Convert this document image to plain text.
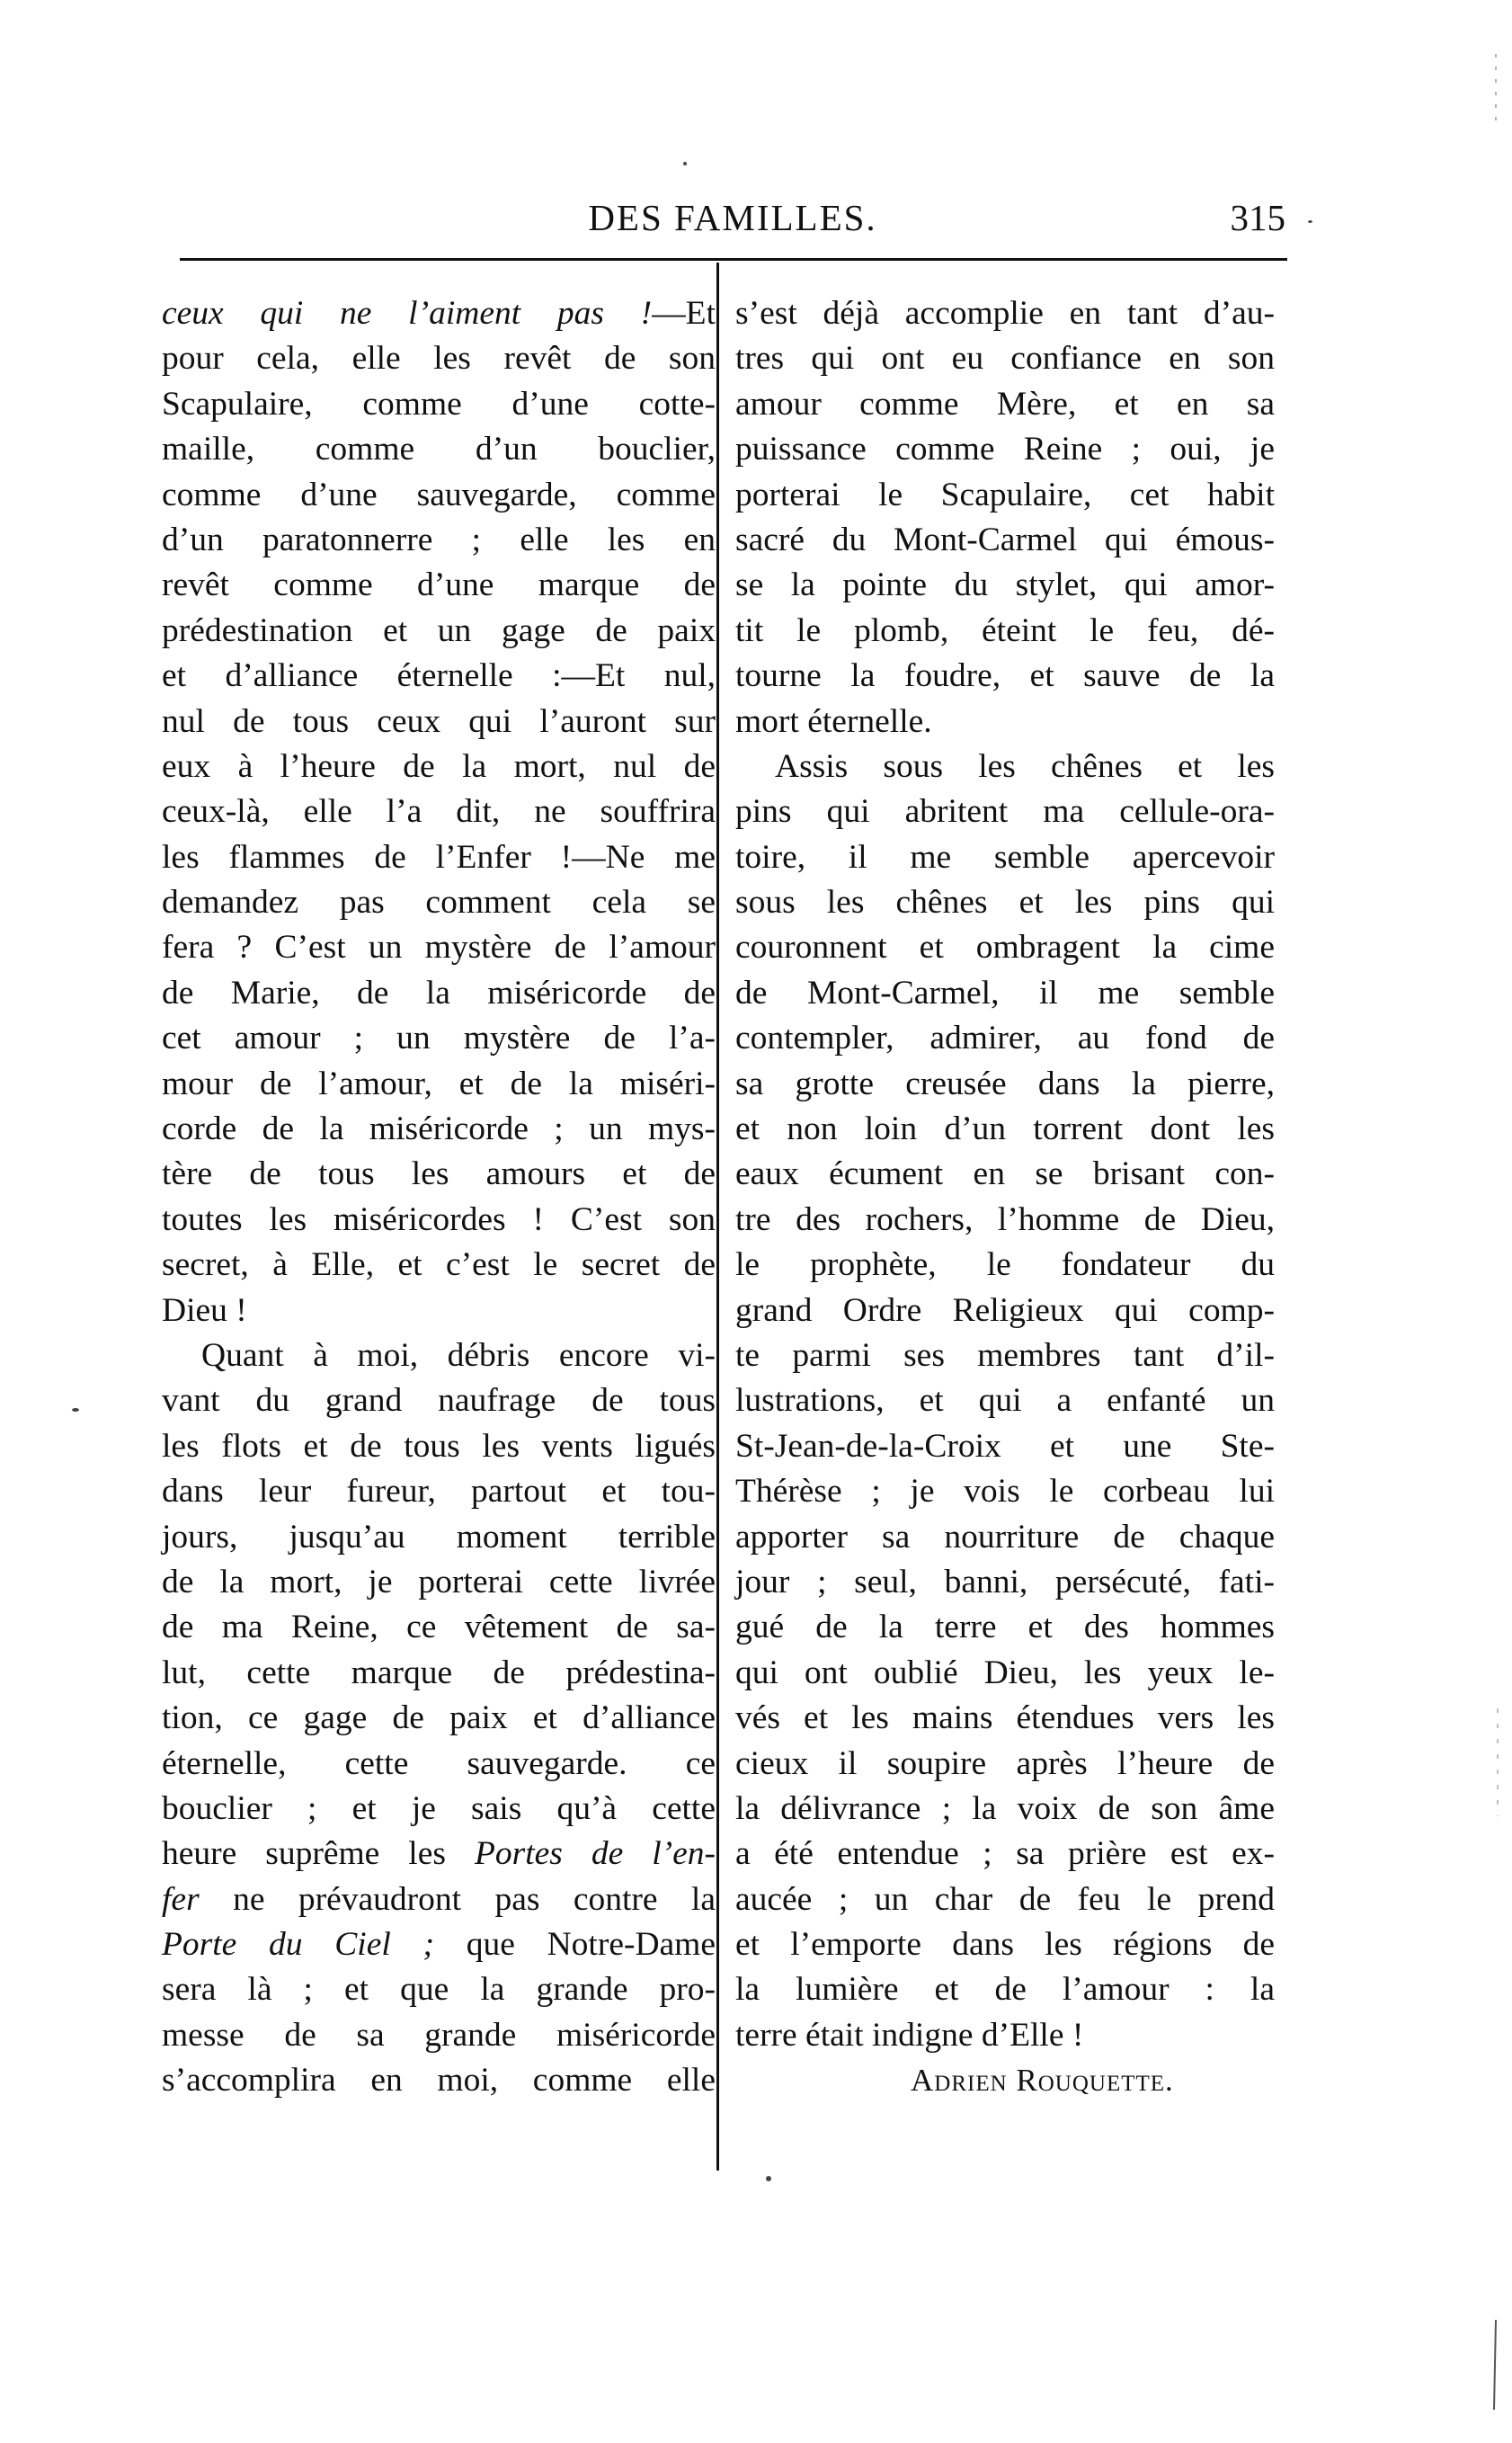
DES FAMILLES.	315
ceux qui ne l’aiment pas !—Et
pour cela, elle les revêt de son
Scapulaire, comme d’une cotte-
maille, comme d’un bouclier,
comme d’une sauvegarde, comme
d’un paratonnerre ; elle les en
revêt comme d’une marque de
prédestination et un gage de paix
et d’alliance éternelle :—Et nul,
nul de tous ceux qui l’auront sur
eux à l’heure de la mort, nul de
ceux-là, elle l’a dit, ne souffrira
les flammes de l’Enfer !—Ne me
demandez pas comment cela se
fera ? C’est un mystère de l’amour
de Marie, de la miséricorde de
cet amour ; un mystère de l’a-
mour de l’amour, et de la miséri-
corde de la miséricorde ; un mys-
tère de tous les amours et de
toutes les miséricordes ! C’est son
secret, à Elle, et c’est le secret de
Dieu !
Quant à moi, débris encore vi-
vant du grand naufrage de tous
les flots et de tous les vents ligués
dans leur fureur, partout et tou-
jours, jusqu’au moment terrible
de la mort, je porterai cette livrée
de ma Reine, ce vêtement de sa-
lut, cette marque de prédestina-
tion, ce gage de paix et d’alliance
éternelle, cette sauvegarde. ce
bouclier ; et je sais qu’à cette
heure suprême les Portes de l’en-
fer ne prévaudront pas contre la
Porte du Ciel ; que Notre-Dame
sera là ; et que la grande pro-
messe de sa grande miséricorde
s’accomplira en moi, comme elle
s’est déjà accomplie en tant d’au-
tres qui ont eu confiance en son
amour comme Mère, et en sa
puissance comme Reine ; oui, je
porterai le Scapulaire, cet habit
sacré du Mont-Carmel qui émous-
se la pointe du stylet, qui amor-
tit le plomb, éteint le feu, dé-
tourne la foudre, et sauve de la
mort éternelle.
Assis sous les chênes et les
pins qui abritent ma cellule-ora-
toire, il me semble apercevoir
sous les chênes et les pins qui
couronnent et ombragent la cime
de Mont-Carmel, il me semble
contempler, admirer, au fond de
sa grotte creusée dans la pierre,
et non loin d’un torrent dont les
eaux écument en se brisant con-
tre des rochers, l’homme de Dieu,
le prophète, le fondateur du
grand Ordre Religieux qui comp-
te parmi ses membres tant d’il-
lustrations, et qui a enfanté un
St-Jean-de-la-Croix et une Ste-
Thérèse ; je vois le corbeau lui
apporter sa nourriture de chaque
jour ; seul, banni, persécuté, fati-
gué de la terre et des hommes
qui ont oublié Dieu, les yeux le-
vés et les mains étendues vers les
cieux il soupire après l’heure de
la délivrance ; la voix de son âme
a été entendue ; sa prière est ex-
aucée ; un char de feu le prend
et l’emporte dans les régions de
la lumière et de l’amour : la
terre était indigne d’Elle !
Adrien Rouquette.
